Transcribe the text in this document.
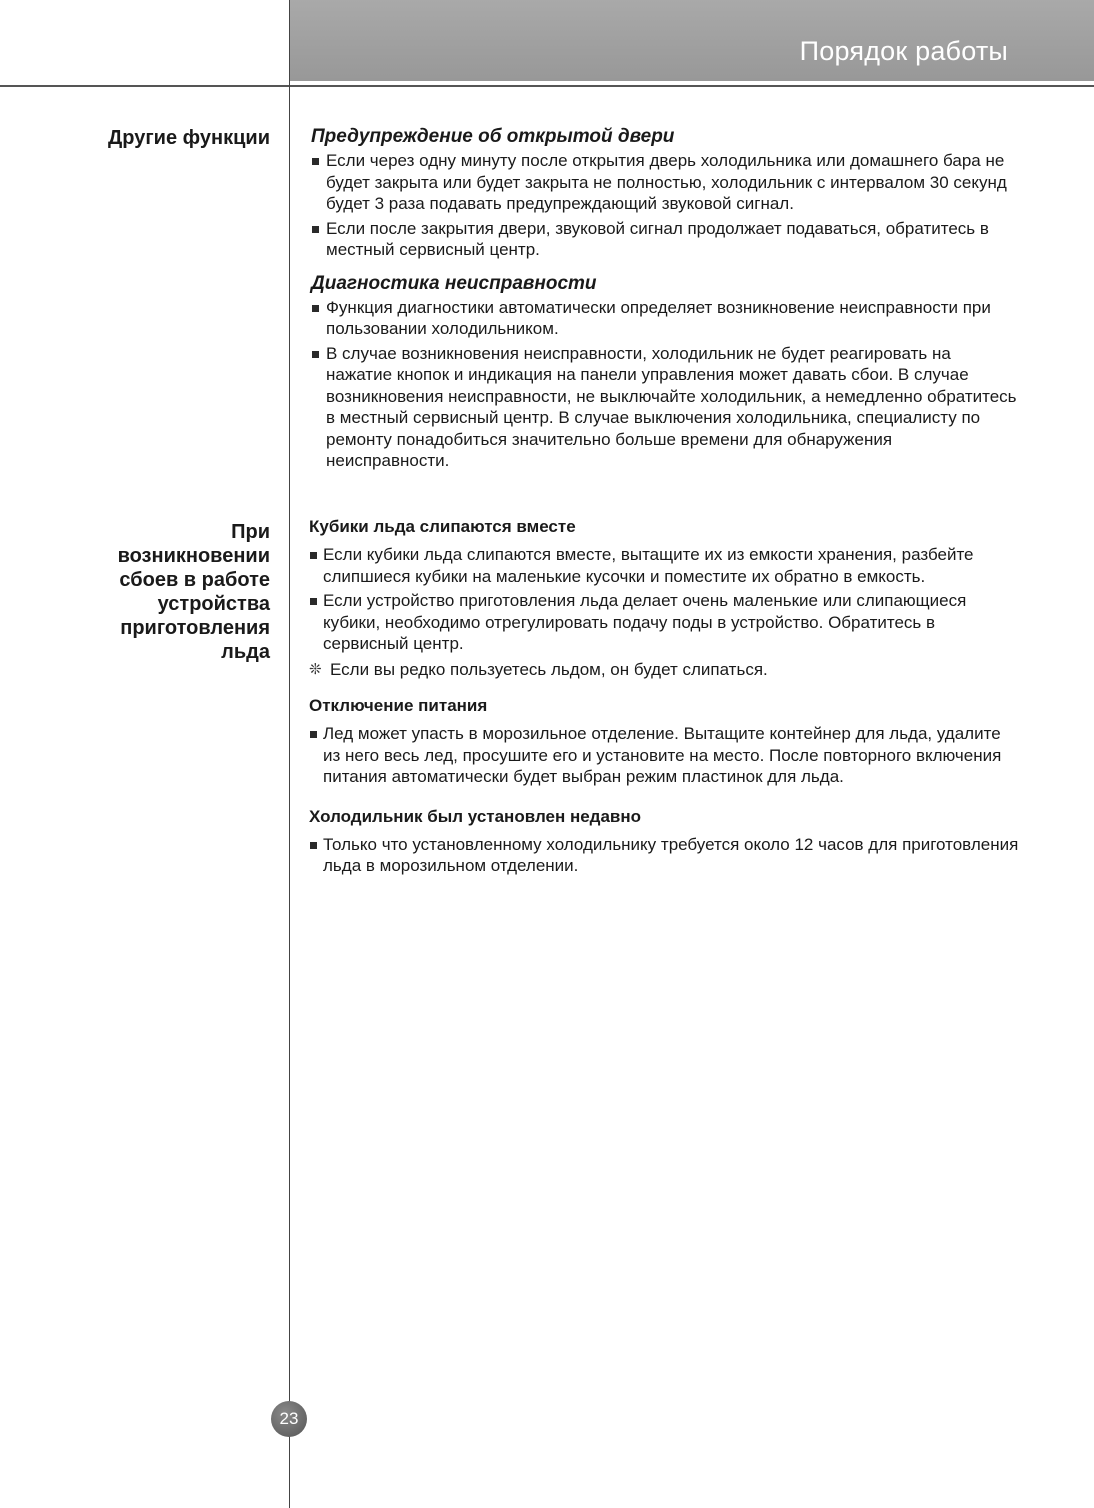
Порядок работы
Другие функции
При
возникновении
сбоев в работе
устройства
приготовления
льда
Предупреждение об открытой двери
Если через одну минуту после открытия дверь холодильника или домашнего бара не будет закрыта или будет закрыта не полностью, холодильник с интервалом 30 секунд будет 3 раза подавать предупреждающий звуковой сигнал.
Если после закрытия двери, звуковой сигнал продолжает подаваться, обратитесь в местный сервисный центр.
Диагностика неисправности
Функция диагностики автоматически определяет возникновение неисправности при пользовании холодильником.
В случае возникновения неисправности, холодильник не будет реагировать на нажатие кнопок и индикация на панели управления может давать сбои. В случае возникновения неисправности, не выключайте холодильник, а немедленно обратитесь в местный сервисный центр. В случае выключения холодильника, специалисту по ремонту понадобиться значительно больше времени для обнаружения неисправности.
Кубики льда слипаются вместе
Если кубики льда слипаются вместе, вытащите их из емкости хранения, разбейте слипшиеся кубики на маленькие кусочки и поместите их обратно в емкость.
Если устройство приготовления льда делает очень маленькие или слипающиеся кубики, необходимо отрегулировать подачу поды в устройство. Обратитесь в сервисный центр.
❊ Если вы редко пользуетесь льдом, он будет слипаться.
Отключение питания
Лед может упасть в морозильное отделение. Вытащите контейнер для льда, удалите из него весь лед, просушите его и установите на место. После повторного включения питания автоматически будет выбран режим пластинок для льда.
Холодильник был установлен недавно
Только что установленному холодильнику требуется около 12 часов для приготовления льда в морозильном отделении.
23
